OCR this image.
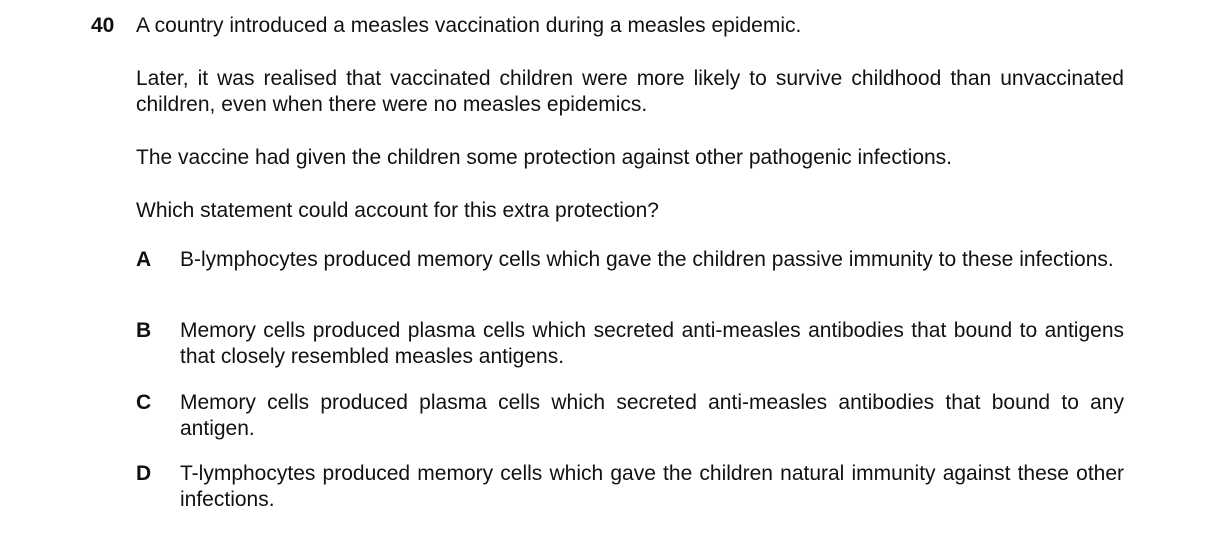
40 A country introduced a measles vaccination during a measles epidemic.
Later, it was realised that vaccinated children were more likely to survive childhood than unvaccinated children, even when there were no measles epidemics.
The vaccine had given the children some protection against other pathogenic infections.
Which statement could account for this extra protection?
A B-lymphocytes produced memory cells which gave the children passive immunity to these infections.
B Memory cells produced plasma cells which secreted anti-measles antibodies that bound to antigens that closely resembled measles antigens.
C Memory cells produced plasma cells which secreted anti-measles antibodies that bound to any antigen.
D T-lymphocytes produced memory cells which gave the children natural immunity against these other infections.
